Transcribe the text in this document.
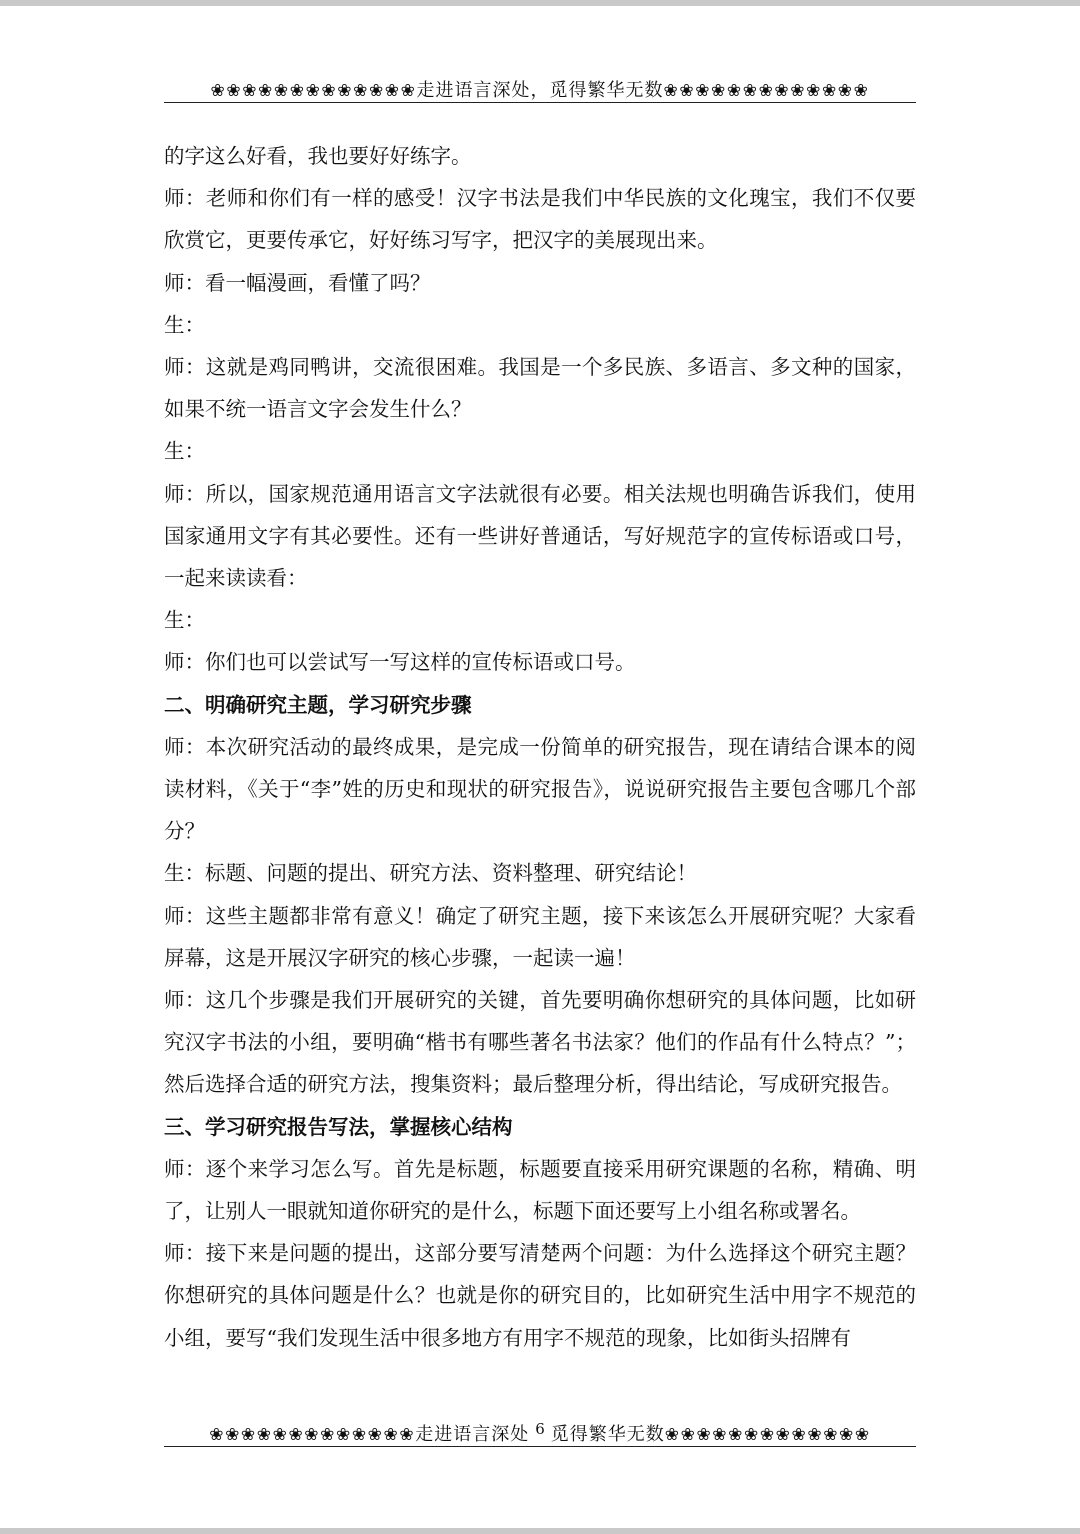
❀❀❀❀❀❀❀❀❀❀❀❀❀ 走进语言深处，觅得繁华无数 ❀❀❀❀❀❀❀❀❀❀❀❀❀

的字这么好看，我也要好好练字。

师：老师和你们有一样的感受！汉字书法是我们中华民族的文化瑰宝，我们不仅要欣赏它，更要传承它，好好练习写字，把汉字的美展现出来。

师：看一幅漫画，看懂了吗？

生：

师：这就是鸡同鸭讲，交流很困难。我国是一个多民族、多语言、多文种的国家，如果不统一语言文字会发生什么？

生：

师：所以，国家规范通用语言文字法就很有必要。相关法规也明确告诉我们，使用国家通用文字有其必要性。还有一些讲好普通话，写好规范字的宣传标语或口号，一起来读读看：

生：

师：你们也可以尝试写一写这样的宣传标语或口号。

二、明确研究主题，学习研究步骤

师：本次研究活动的最终成果，是完成一份简单的研究报告，现在请结合课本的阅读材料，《关于“李”姓的历史和现状的研究报告》，说说研究报告主要包含哪几个部分？

生：标题、问题的提出、研究方法、资料整理、研究结论！

师：这些主题都非常有意义！确定了研究主题，接下来该怎么开展研究呢？大家看屏幕，这是开展汉字研究的核心步骤，一起读一遍！

师：这几个步骤是我们开展研究的关键，首先要明确你想研究的具体问题，比如研究汉字书法的小组，要明确“楷书有哪些著名书法家？他们的作品有什么特点？”；然后选择合适的研究方法，搜集资料；最后整理分析，得出结论，写成研究报告。

三、学习研究报告写法，掌握核心结构

师：逐个来学习怎么写。首先是标题，标题要直接采用研究课题的名称，精确、明了，让别人一眼就知道你研究的是什么，标题下面还要写上小组名称或署名。

师：接下来是问题的提出，这部分要写清楚两个问题：为什么选择这个研究主题？你想研究的具体问题是什么？也就是你的研究目的，比如研究生活中用字不规范的小组，要写“我们发现生活中很多地方有用字不规范的现象，比如街头招牌有

❀❀❀❀❀❀❀❀❀❀❀❀❀ 走进语言深处 6 觅得繁华无数 ❀❀❀❀❀❀❀❀❀❀❀❀❀
